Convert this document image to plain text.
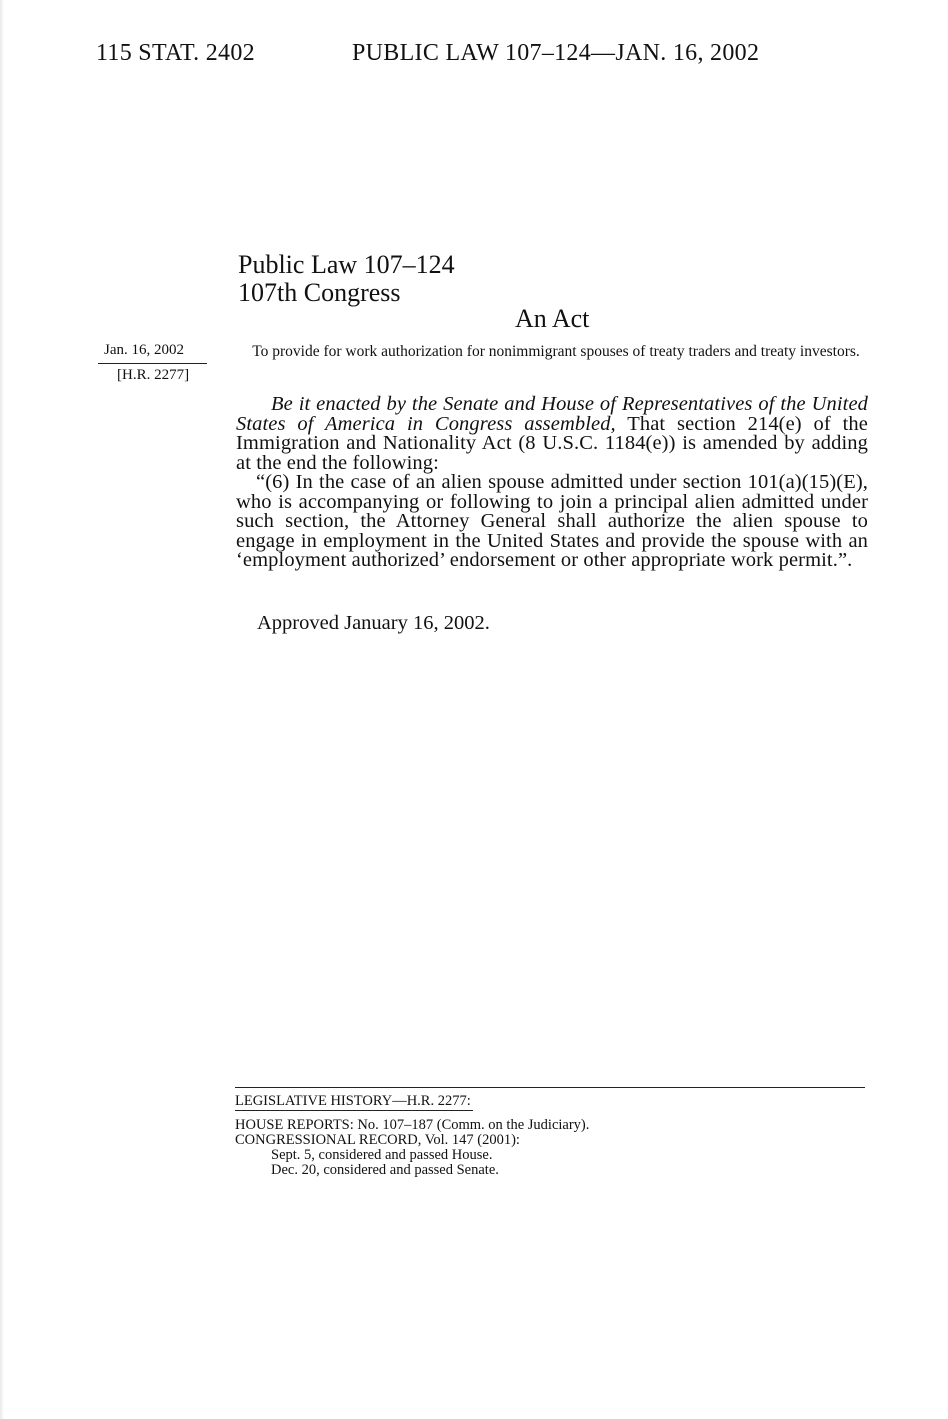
115 STAT. 2402	PUBLIC LAW 107–124—JAN. 16, 2002
Public Law 107–124
107th Congress
An Act
Jan. 16, 2002
[H.R. 2277]
To provide for work authorization for nonimmigrant spouses of treaty traders and treaty investors.
Be it enacted by the Senate and House of Representatives of the United States of America in Congress assembled, That section 214(e) of the Immigration and Nationality Act (8 U.S.C. 1184(e)) is amended by adding at the end the following:
“(6) In the case of an alien spouse admitted under section 101(a)(15)(E), who is accompanying or following to join a principal alien admitted under such section, the Attorney General shall authorize the alien spouse to engage in employment in the United States and provide the spouse with an ‘employment authorized’ endorsement or other appropriate work permit.”.
Approved January 16, 2002.
LEGISLATIVE HISTORY—H.R. 2277:
HOUSE REPORTS: No. 107–187 (Comm. on the Judiciary).
CONGRESSIONAL RECORD, Vol. 147 (2001):
Sept. 5, considered and passed House.
Dec. 20, considered and passed Senate.
